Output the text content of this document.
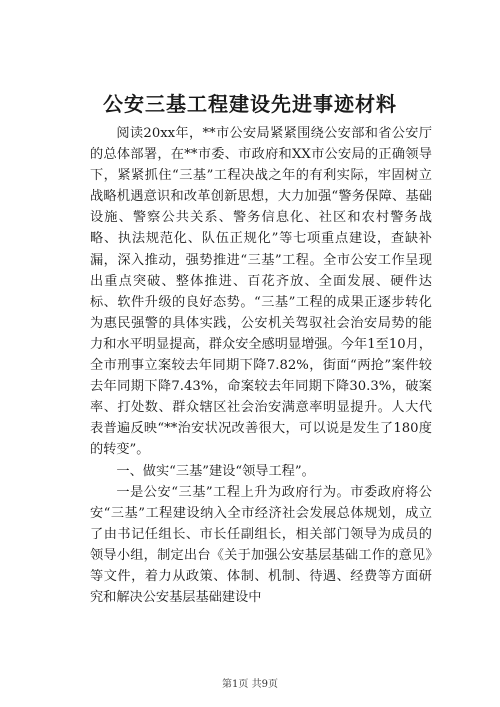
公安三基工程建设先进事迹材料

阅读20xx年，**市公安局紧紧围绕公安部和省公安厅的总体部署，在**市委、市政府和XX市公安局的正确领导下，紧紧抓住“三基”工程决战之年的有利实际，牢固树立战略机遇意识和改革创新思想，大力加强“警务保障、基础设施、警察公共关系、警务信息化、社区和农村警务战略、执法规范化、队伍正规化”等七项重点建设，查缺补漏，深入推动，强势推进“三基”工程。全市公安工作呈现出重点突破、整体推进、百花齐放、全面发展、硬件达标、软件升级的良好态势。“三基”工程的成果正逐步转化为惠民强警的具体实践，公安机关驾驭社会治安局势的能力和水平明显提高，群众安全感明显增强。今年1至10月，全市刑事立案较去年同期下降7.82%，街面“两抢”案件较去年同期下降7.43%，命案较去年同期下降30.3%，破案率、打处数、群众辖区社会治安满意率明显提升。人大代表普遍反映“**治安状况改善很大，可以说是发生了180度的转变”。

一、做实“三基”建设“领导工程”。

一是公安“三基”工程上升为政府行为。市委政府将公安“三基”工程建设纳入全市经济社会发展总体规划，成立了由书记任组长、市长任副组长，相关部门领导为成员的领导小组，制定出台《关于加强公安基层基础工作的意见》等文件，着力从政策、体制、机制、待遇、经费等方面研究和解决公安基层基础建设中

第1页 共9页
